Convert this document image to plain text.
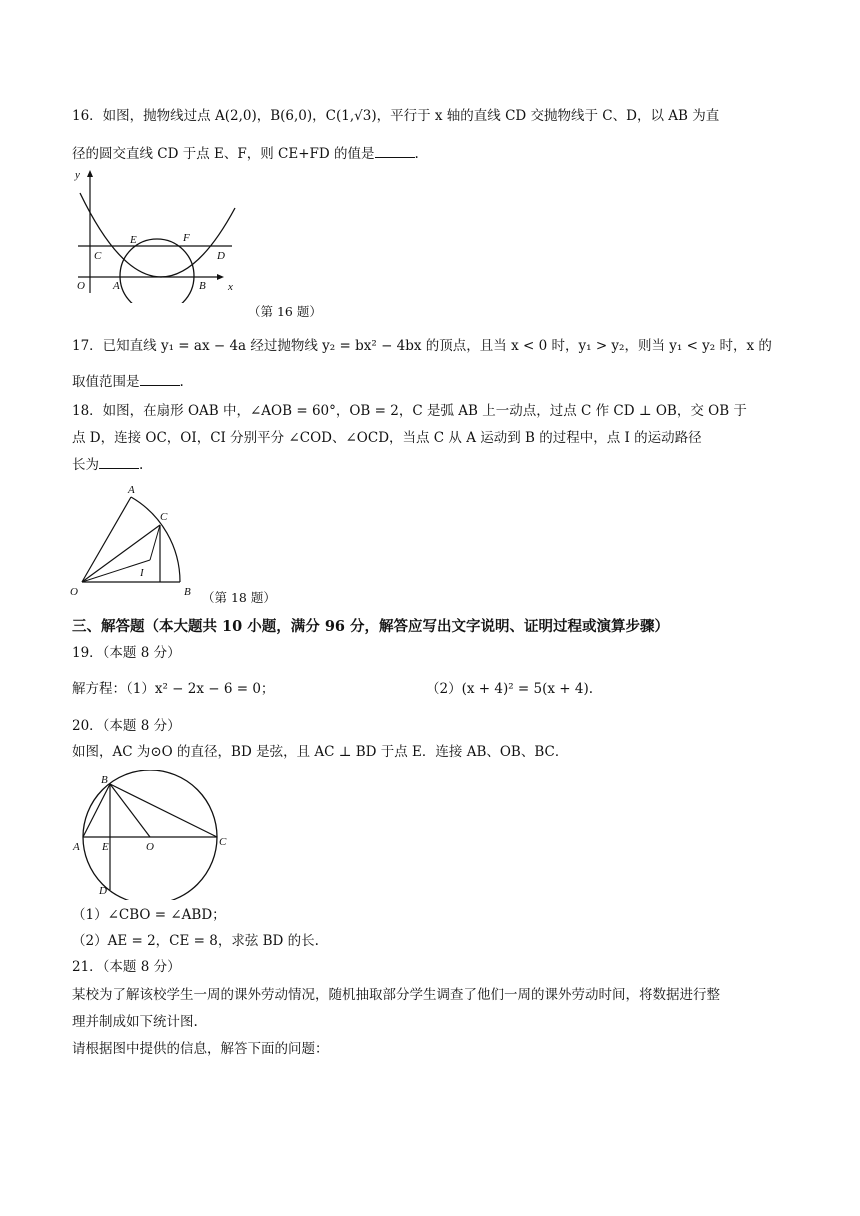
16．如图，抛物线过点 A(2,0)，B(6,0)，C(1,√3)，平行于 x 轴的直线 CD 交抛物线于 C、D，以 AB 为直
径的圆交直线 CD 于点 E、F，则 CE+FD 的值是	.
y
x
O	A	B
C	D
E	F
（第 16 题）
17．已知直线 y₁ = ax − 4a 经过抛物线 y₂ = bx² − 4bx 的顶点，且当 x < 0 时，y₁ > y₂，则当 y₁ < y₂ 时，x 的
取值范围是	.
18．如图，在扇形 OAB 中，∠AOB = 60°，OB = 2，C 是弧 AB 上一动点，过点 C 作 CD ⊥ OB，交 OB 于
点 D，连接 OC，OI，CI 分别平分 ∠COD、∠OCD，当点 C 从 A 运动到 B 的过程中，点 I 的运动路径
长为	.
A
C
I
O	B （第 18 题）
三、解答题（本大题共 10 小题，满分 96 分，解答应写出文字说明、证明过程或演算步骤）
19．（本题 8 分）
解方程：（1）x² − 2x − 6 = 0；	（2）(x + 4)² = 5(x + 4).
20．（本题 8 分）
如图，AC 为⊙O 的直径，BD 是弦，且 AC ⊥ BD 于点 E．连接 AB、OB、BC．
B
A E	O	C
D
（1）∠CBO = ∠ABD；
（2）AE = 2，CE = 8，求弦 BD 的长.
21．（本题 8 分）
某校为了解该校学生一周的课外劳动情况，随机抽取部分学生调查了他们一周的课外劳动时间，将数据进行整
理并制成如下统计图.
请根据图中提供的信息，解答下面的问题：
